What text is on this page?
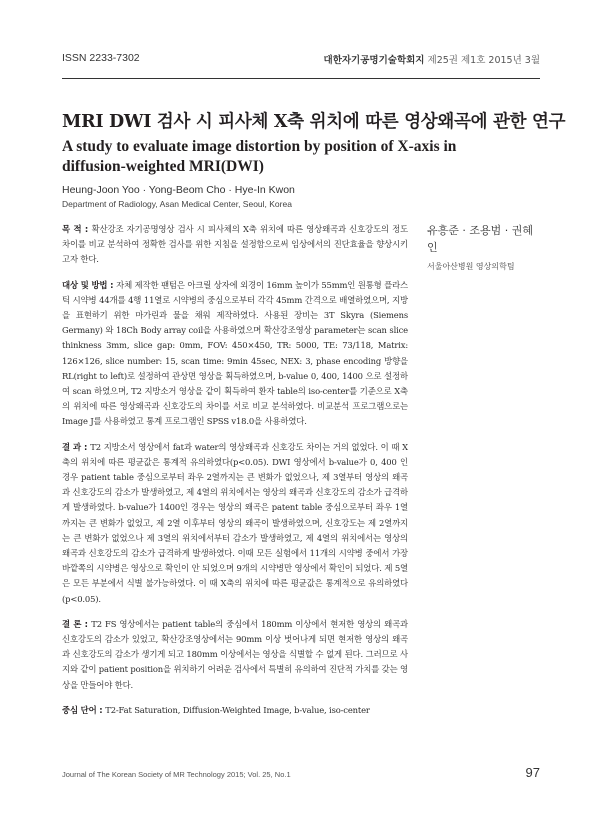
ISSN 2233-7302	대한자기공명기술학회지 제25권 제1호 2015년 3월
MRI DWI 검사 시 피사체 X축 위치에 따른 영상왜곡에 관한 연구
A study to evaluate image distortion by position of X-axis in diffusion-weighted MRI(DWI)
Heung-Joon Yoo · Yong-Beom Cho · Hye-In Kwon
Department of Radiology, Asan Medical Center, Seoul, Korea

목 적 : 확산강조 자기공명영상 검사 시 피사체의 X축 위치에 따른 영상왜곡과 신호강도의 정도 차이를 비교 분석하여 정확한 검사를 위한 지침을 설정함으로써 임상에서의 진단효율을 향상시키고자 한다.

대상 및 방법 : 자체 제작한 팬텀은 아크릴 상자에 외경이 16mm 높이가 55mm인 원통형 플라스틱 시약병 44개를 4행 11열로 시약병의 중심으로부터 각각 45mm 간격으로 배열하였으며, 지방을 표현하기 위한 마가린과 물을 채워 제작하였다. 사용된 장비는 3T Skyra (Siemens Germany) 와 18Ch Body array coil을 사용하였으며 확산강조영상 parameter는 scan slice thinkness 3mm, slice gap: 0mm, FOV: 450×450, TR: 5000, TE: 73/118, Matrix: 126×126, slice number: 15, scan time: 9min 45sec, NEX: 3, phase encoding 방향을 RL(right to left)로 설정하여 관상면 영상을 획득하였으며, b-value 0, 400, 1400 으로 설정하여 scan 하였으며, T2 지방소거 영상을 같이 획득하여 환자 table의 iso-center를 기준으로 X축의 위치에 따른 영상왜곡과 신호강도의 차이를 서로 비교 분석하였다. 비교분석 프로그램으로는 Image J를 사용하였고 통계 프로그램인 SPSS v18.0을 사용하였다.

결 과 : T2 지방소서 영상에서 fat과 water의 영상왜곡과 신호강도 차이는 거의 없었다. 이 때 X축의 위치에 따른 평균값은 통계적 유의하였다(p<0.05). DWI 영상에서 b-value가 0, 400 인 경우 patient table 중심으로부터 좌우 2열까지는 큰 변화가 없었으나, 제 3열부터 영상의 왜곡과 신호강도의 감소가 발생하였고, 제 4열의 위치에서는 영상의 왜곡과 신호강도의 감소가 급격하게 발생하였다. b-value가 1400인 경우는 영상의 왜곡은 patent table 중심으로부터 좌우 1열까지는 큰 변화가 없었고, 제 2열 이후부터 영상의 왜곡이 발생하였으며, 신호강도는 제 2열까지는 큰 변화가 없었으나 제 3열의 위치에서부터 감소가 발생하였고, 제 4열의 위치에서는 영상의 왜곡과 신호강도의 감소가 급격하게 발생하였다. 이때 모든 실험에서 11개의 시약병 중에서 가장 바깥쪽의 시약병은 영상으로 확인이 안 되었으며 9개의 시약병만 영상에서 확인이 되었다. 제 5열은 모든 부분에서 식별 불가능하였다. 이 때 X축의 위치에 따른 평균값은 통계적으로 유의하였다(p<0.05).

결 론 : T2 FS 영상에서는 patient table의 중심에서 180mm 이상에서 현저한 영상의 왜곡과 신호강도의 감소가 있었고, 확산강조영상에서는 90mm 이상 벗어나게 되면 현저한 영상의 왜곡과 신호강도의 감소가 생기게 되고 180mm 이상에서는 영상을 식별할 수 없게 된다. 그러므로 사지와 같이 patient position을 위치하기 어려운 검사에서 특별히 유의하여 진단적 가치를 갖는 영상을 만들어야 한다.

중심 단어 : T2-Fat Saturation, Diffusion-Weighted Image, b-value, iso-center

유흥준 · 조용범 · 권혜인
서울아산병원 영상의학팀
Journal of The Korean Society of MR Technology 2015; Vol. 25, No.1	97
